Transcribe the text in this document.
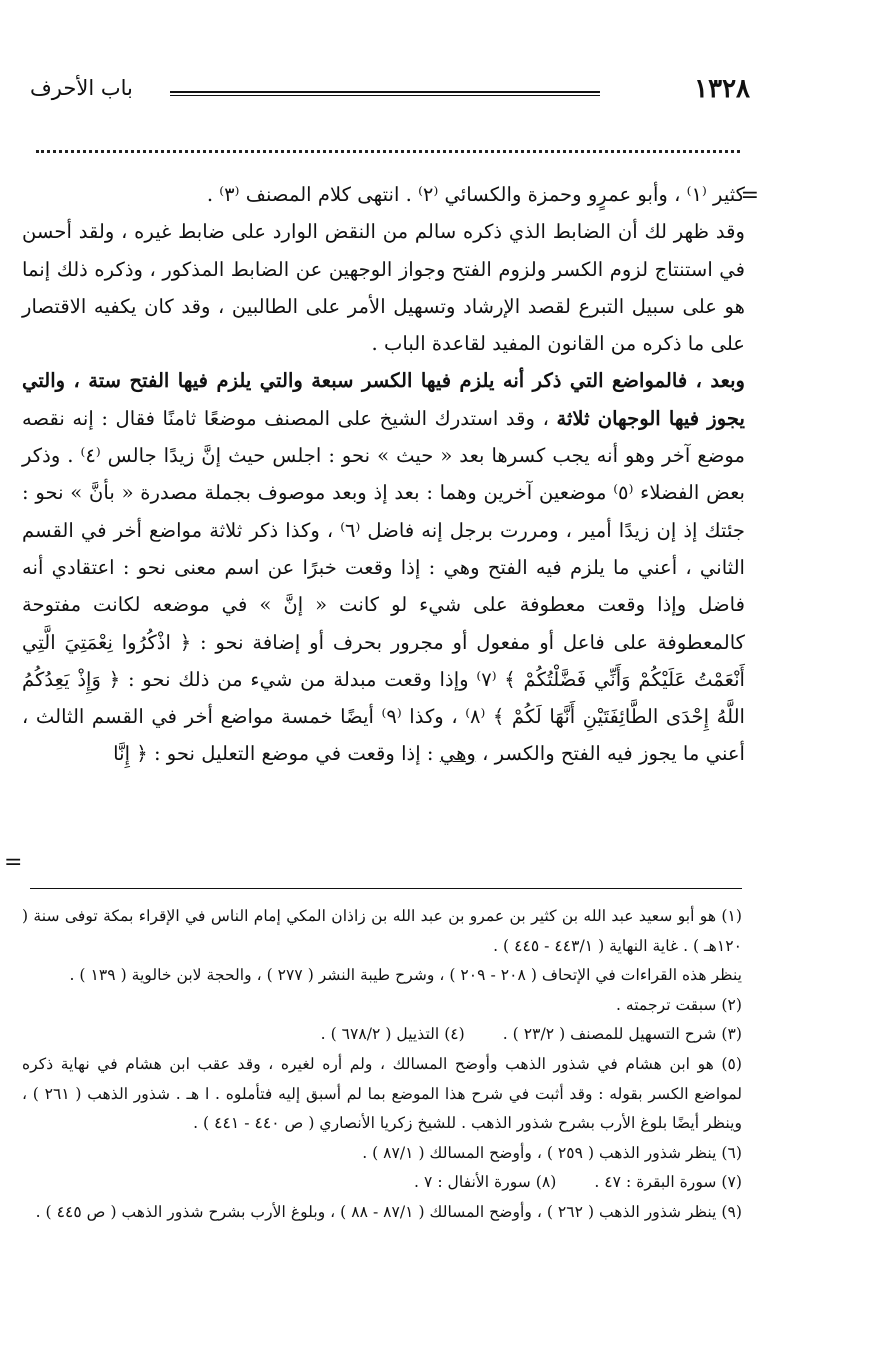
١٣٢٨
باب الأحرف
=

كثير ⁽١⁾ ، وأبو عمرٍو وحمزة والكسائي ⁽٢⁾ . انتهى كلام المصنف ⁽٣⁾ .

وقد ظهر لك أن الضابط الذي ذكره سالم من النقض الوارد على ضابط غيره ، ولقد أحسن في استنتاج لزوم الكسر ولزوم الفتح وجواز الوجهين عن الضابط المذكور ، وذكره ذلك إنما هو على سبيل التبرع لقصد الإرشاد وتسهيل الأمر على الطالبين ، وقد كان يكفيه الاقتصار على ما ذكره من القانون المفيد لقاعدة الباب .

وبعد ، فالمواضع التي ذكر أنه يلزم فيها الكسر سبعة والتي يلزم فيها الفتح ستة ، والتي يجوز فيها الوجهان ثلاثة ، وقد استدرك الشيخ على المصنف موضعًا ثامنًا فقال : إنه نقصه موضع آخر وهو أنه يجب كسرها بعد « حيث » نحو : اجلس حيث إنَّ زيدًا جالس ⁽٤⁾ . وذكر بعض الفضلاء ⁽٥⁾ موضعين آخرين وهما : بعد إذ وبعد موصوف بجملة مصدرة « بأنَّ » نحو : جئتك إذ إن زيدًا أمير ، ومررت برجل إنه فاضل ⁽٦⁾ ، وكذا ذكر ثلاثة مواضع أخر في القسم الثاني ، أعني ما يلزم فيه الفتح وهي : إذا وقعت خبرًا عن اسم معنى نحو : اعتقادي أنه فاضل وإذا وقعت معطوفة على شيء لو كانت « إنَّ » في موضعه لكانت مفتوحة كالمعطوفة على فاعل أو مفعول أو مجرور بحرف أو إضافة نحو : ﴿ اذْكُرُوا نِعْمَتِيَ الَّتِي أَنْعَمْتُ عَلَيْكُمْ وَأَنِّي فَضَّلْتُكُمْ ﴾ ⁽٧⁾ وإذا وقعت مبدلة من شيء من ذلك نحو : ﴿ وَإِذْ يَعِدُكُمُ اللَّهُ إِحْدَى الطَّائِفَتَيْنِ أَنَّهَا لَكُمْ ﴾ ⁽٨⁾ ، وكذا ⁽٩⁾ أيضًا خمسة مواضع أخر في القسم الثالث ، أعني ما يجوز فيه الفتح والكسر ، وهي : إذا وقعت في موضع التعليل نحو : ﴿ إِنَّا

=

(١) هو أبو سعيد عبد الله بن كثير بن عمرو بن عبد الله بن زاذان المكي إمام الناس في الإقراء بمكة توفى سنة ( ١٢٠هـ ) . غاية النهاية ( ٤٤٣/١ - ٤٤٥ ) .

ينظر هذه القراءات في الإتحاف ( ٢٠٨ - ٢٠٩ ) ، وشرح طيبة النشر ( ٢٧٧ ) ، والحجة لابن خالوية ( ١٣٩ ) .

(٢) سبقت ترجمته .

(٣) شرح التسهيل للمصنف ( ٢٣/٢ ) .
(٤) التذييل ( ٦٧٨/٢ ) .

(٥) هو ابن هشام في شذور الذهب وأوضح المسالك ، ولم أره لغيره ، وقد عقب ابن هشام في نهاية ذكره لمواضع الكسر بقوله : وقد أثبت في شرح هذا الموضع بما لم أسبق إليه فتأملوه . ا هـ . شذور الذهب ( ٢٦١ ) ، وينظر أيضًا بلوغ الأرب بشرح شذور الذهب . للشيخ زكريا الأنصاري ( ص ٤٤٠ - ٤٤١ ) .

(٦) ينظر شذور الذهب ( ٢٥٩ ) ، وأوضح المسالك ( ٨٧/١ ) .

(٧) سورة البقرة : ٤٧ .
(٨) سورة الأنفال : ٧ .

(٩) ينظر شذور الذهب ( ٢٦٢ ) ، وأوضح المسالك ( ٨٧/١ - ٨٨ ) ، وبلوغ الأرب بشرح شذور الذهب ( ص ٤٤٥ ) .
